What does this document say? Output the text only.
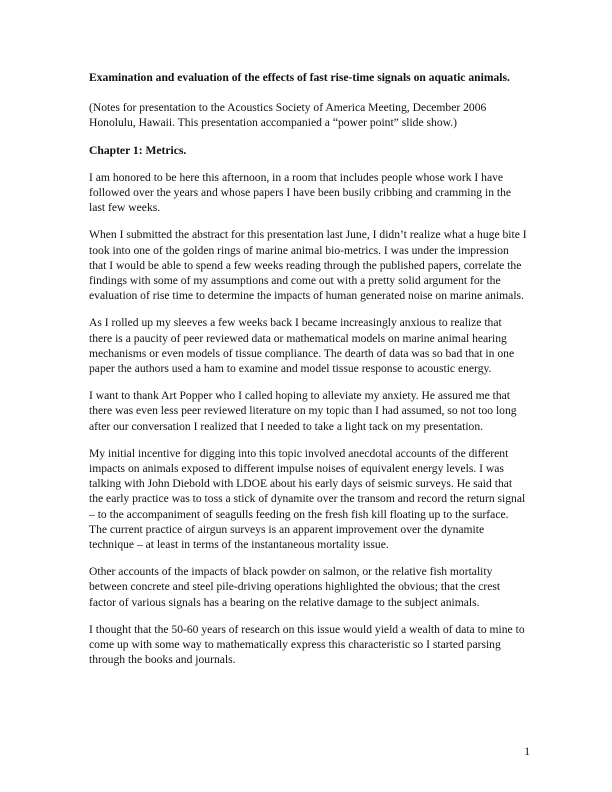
Examination and evaluation of the effects of fast rise-time signals on aquatic animals.

(Notes for presentation to the Acoustics Society of America Meeting, December 2006 Honolulu, Hawaii. This presentation accompanied a “power point” slide show.)

Chapter 1: Metrics.

I am honored to be here this afternoon, in a room that includes people whose work I have followed over the years and whose papers I have been busily cribbing and cramming in the last few weeks.

When I submitted the abstract for this presentation last June, I didn’t realize what a huge bite I took into one of the golden rings of marine animal bio-metrics. I was under the impression that I would be able to spend a few weeks reading through the published papers, correlate the findings with some of my assumptions and come out with a pretty solid argument for the evaluation of rise time to determine the impacts of human generated noise on marine animals.

As I rolled up my sleeves a few weeks back I became increasingly anxious to realize that there is a paucity of peer reviewed data or mathematical models on marine animal hearing mechanisms or even models of tissue compliance. The dearth of data was so bad that in one paper the authors used a ham to examine and model tissue response to acoustic energy.

I want to thank Art Popper who I called hoping to alleviate my anxiety. He assured me that there was even less peer reviewed literature on my topic than I had assumed, so not too long after our conversation I realized that I needed to take a light tack on my presentation.

My initial incentive for digging into this topic involved anecdotal accounts of the different impacts on animals exposed to different impulse noises of equivalent energy levels. I was talking with John Diebold with LDOE about his early days of seismic surveys. He said that the early practice was to toss a stick of dynamite over the transom and record the return signal – to the accompaniment of seagulls feeding on the fresh fish kill floating up to the surface. The current practice of airgun surveys is an apparent improvement over the dynamite technique – at least in terms of the instantaneous mortality issue.

Other accounts of the impacts of black powder on salmon, or the relative fish mortality between concrete and steel pile-driving operations highlighted the obvious; that the crest factor of various signals has a bearing on the relative damage to the subject animals.

I thought that the 50-60 years of research on this issue would yield a wealth of data to mine to come up with some way to mathematically express this characteristic so I started parsing through the books and journals.

1
